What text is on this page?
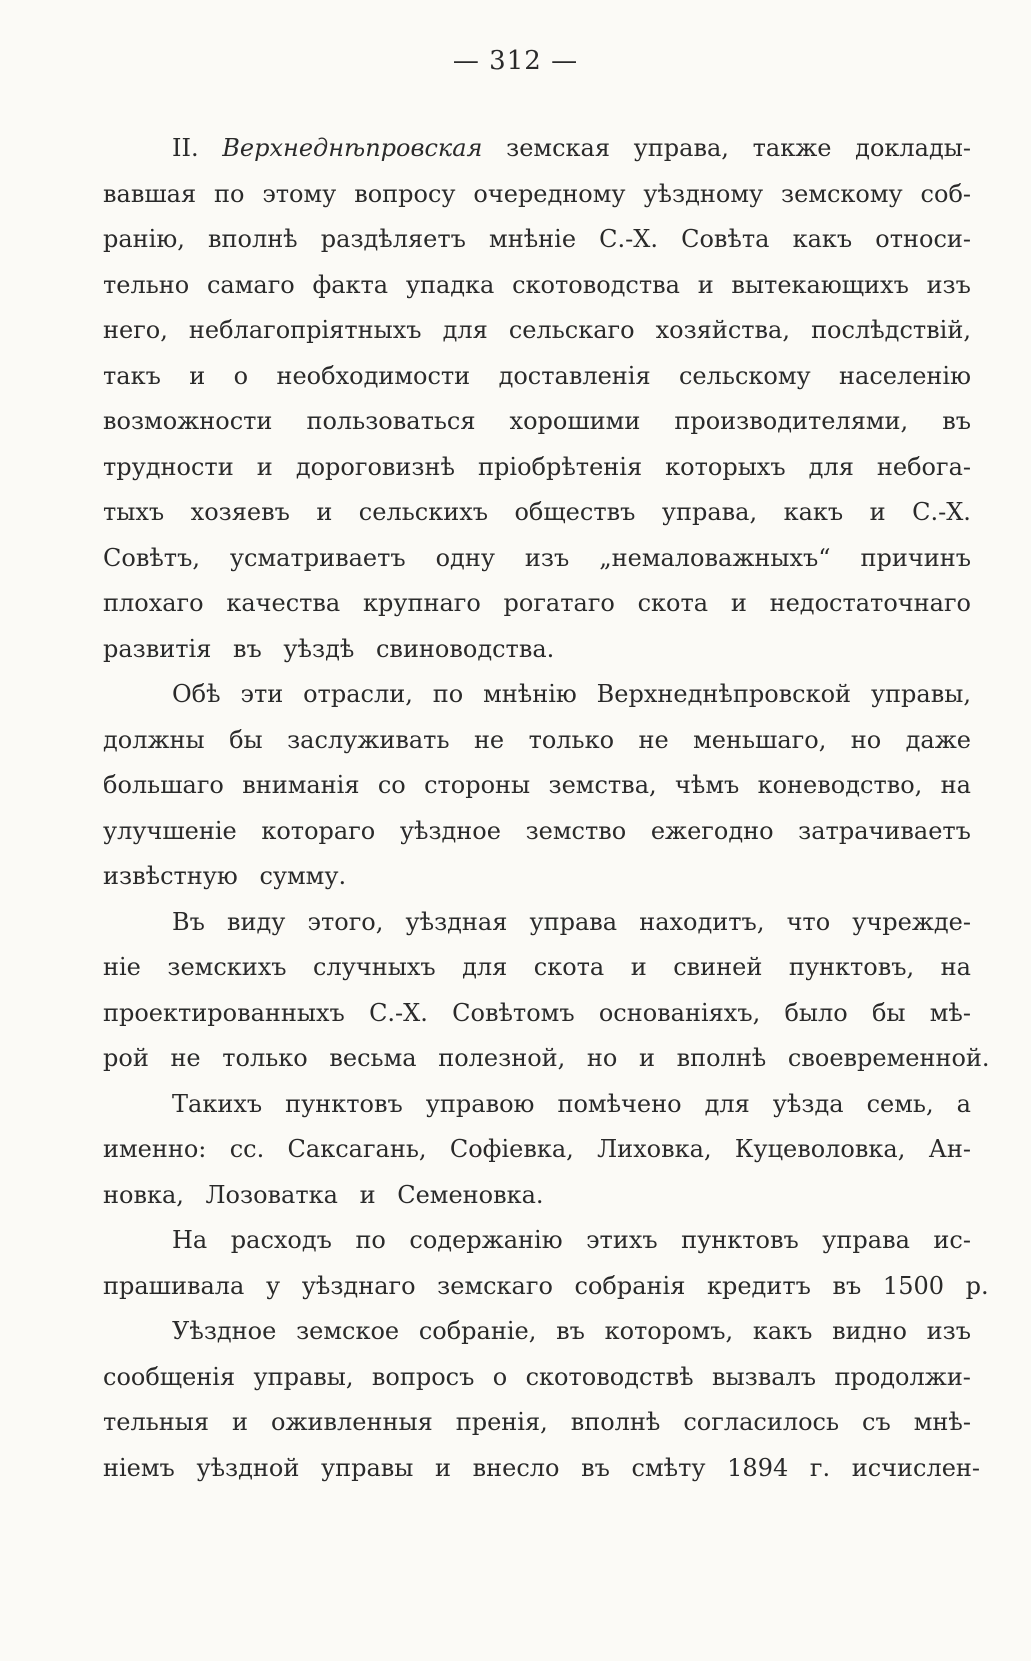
— 312 —
II. Верхнеднѣпровская земская управа, также доклады-
вавшая по этому вопросу очередному уѣздному земскому соб-
ранію, вполнѣ раздѣляетъ мнѣніе С.-Х. Совѣта какъ относи-
тельно самаго факта упадка скотоводства и вытекающихъ изъ
него, неблагопріятныхъ для сельскаго хозяйства, послѣдствій,
такъ и о необходимости доставленія сельскому населенію
возможности пользоваться хорошими производителями, въ
трудности и дороговизнѣ пріобрѣтенія которыхъ для небога-
тыхъ хозяевъ и сельскихъ обществъ управа, какъ и С.-Х.
Совѣтъ, усматриваетъ одну изъ „немаловажныхъ“ причинъ
плохаго качества крупнаго рогатаго скота и недостаточнаго
развитія въ уѣздѣ свиноводства.
Обѣ эти отрасли, по мнѣнію Верхнеднѣпровской управы,
должны бы заслуживать не только не меньшаго, но даже
большаго вниманія со стороны земства, чѣмъ коневодство, на
улучшеніе котораго уѣздное земство ежегодно затрачиваетъ
извѣстную сумму.
Въ виду этого, уѣздная управа находитъ, что учрежде-
ніе земскихъ случныхъ для скота и свиней пунктовъ, на
проектированныхъ С.-Х. Совѣтомъ основаніяхъ, было бы мѣ-
рой не только весьма полезной, но и вполнѣ своевременной.
Такихъ пунктовъ управою помѣчено для уѣзда семь, а
именно: сс. Саксагань, Софіевка, Лиховка, Куцеволовка, Ан-
новка, Лозоватка и Семеновка.
На расходъ по содержанію этихъ пунктовъ управа ис-
прашивала у уѣзднаго земскаго собранія кредитъ въ 1500 р.
Уѣздное земское собраніе, въ которомъ, какъ видно изъ
сообщенія управы, вопросъ о скотоводствѣ вызвалъ продолжи-
тельныя и оживленныя пренія, вполнѣ согласилось съ мнѣ-
ніемъ уѣздной управы и внесло въ смѣту 1894 г. исчислен-
